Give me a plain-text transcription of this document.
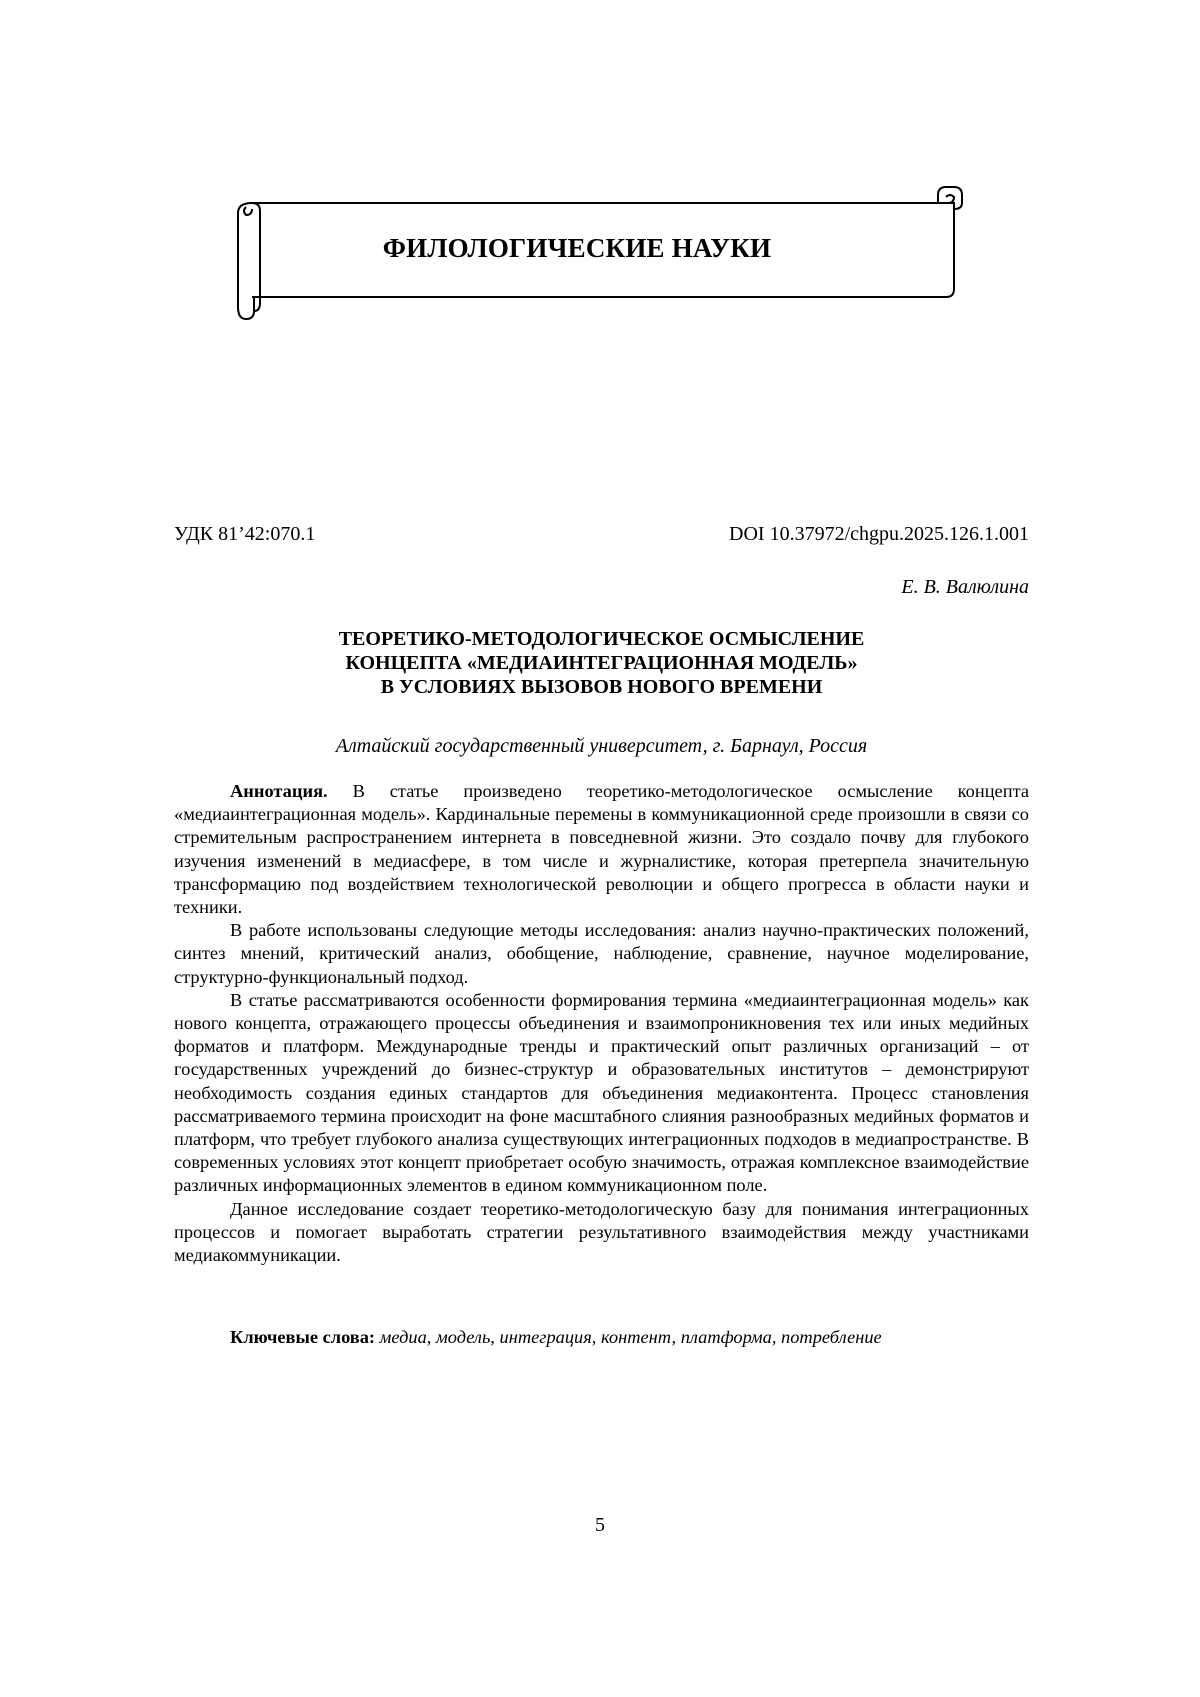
ФИЛОЛОГИЧЕСКИЕ НАУКИ
УДК 81’42:070.1	DOI 10.37972/chgpu.2025.126.1.001
Е. В. Валюлина
ТЕОРЕТИКО-МЕТОДОЛОГИЧЕСКОЕ ОСМЫСЛЕНИЕ
КОНЦЕПТА «МЕДИАИНТЕГРАЦИОННАЯ МОДЕЛЬ»
В УСЛОВИЯХ ВЫЗОВОВ НОВОГО ВРЕМЕНИ
Алтайский государственный университет, г. Барнаул, Россия

Аннотация. В статье произведено теоретико-методологическое осмысление концепта «медиаинтеграционная модель». Кардинальные перемены в коммуникационной среде произошли в связи со стремительным распространением интернета в повседневной жизни. Это создало почву для глубокого изучения изменений в медиасфере, в том числе и журналистике, которая претерпела значительную трансформацию под воздействием технологической революции и общего прогресса в области науки и техники.

В работе использованы следующие методы исследования: анализ научно-практических положений, синтез мнений, критический анализ, обобщение, наблюдение, сравнение, научное моделирование, структурно-функциональный подход.

В статье рассматриваются особенности формирования термина «медиаинтеграционная модель» как нового концепта, отражающего процессы объединения и взаимопроникновения тех или иных медийных форматов и платформ. Международные тренды и практический опыт различных организаций – от государственных учреждений до бизнес-структур и образовательных институтов – демонстрируют необходимость создания единых стандартов для объединения медиаконтента. Процесс становления рассматриваемого термина происходит на фоне масштабного слияния разнообразных медийных форматов и платформ, что требует глубокого анализа существующих интеграционных подходов в медиапространстве. В современных условиях этот концепт приобретает особую значимость, отражая комплексное взаимодействие различных информационных элементов в едином коммуникационном поле.

Данное исследование создает теоретико-методологическую базу для понимания интеграционных процессов и помогает выработать стратегии результативного взаимодействия между участниками медиакоммуникации.

Ключевые слова: медиа, модель, интеграция, контент, платформа, потребление
5
